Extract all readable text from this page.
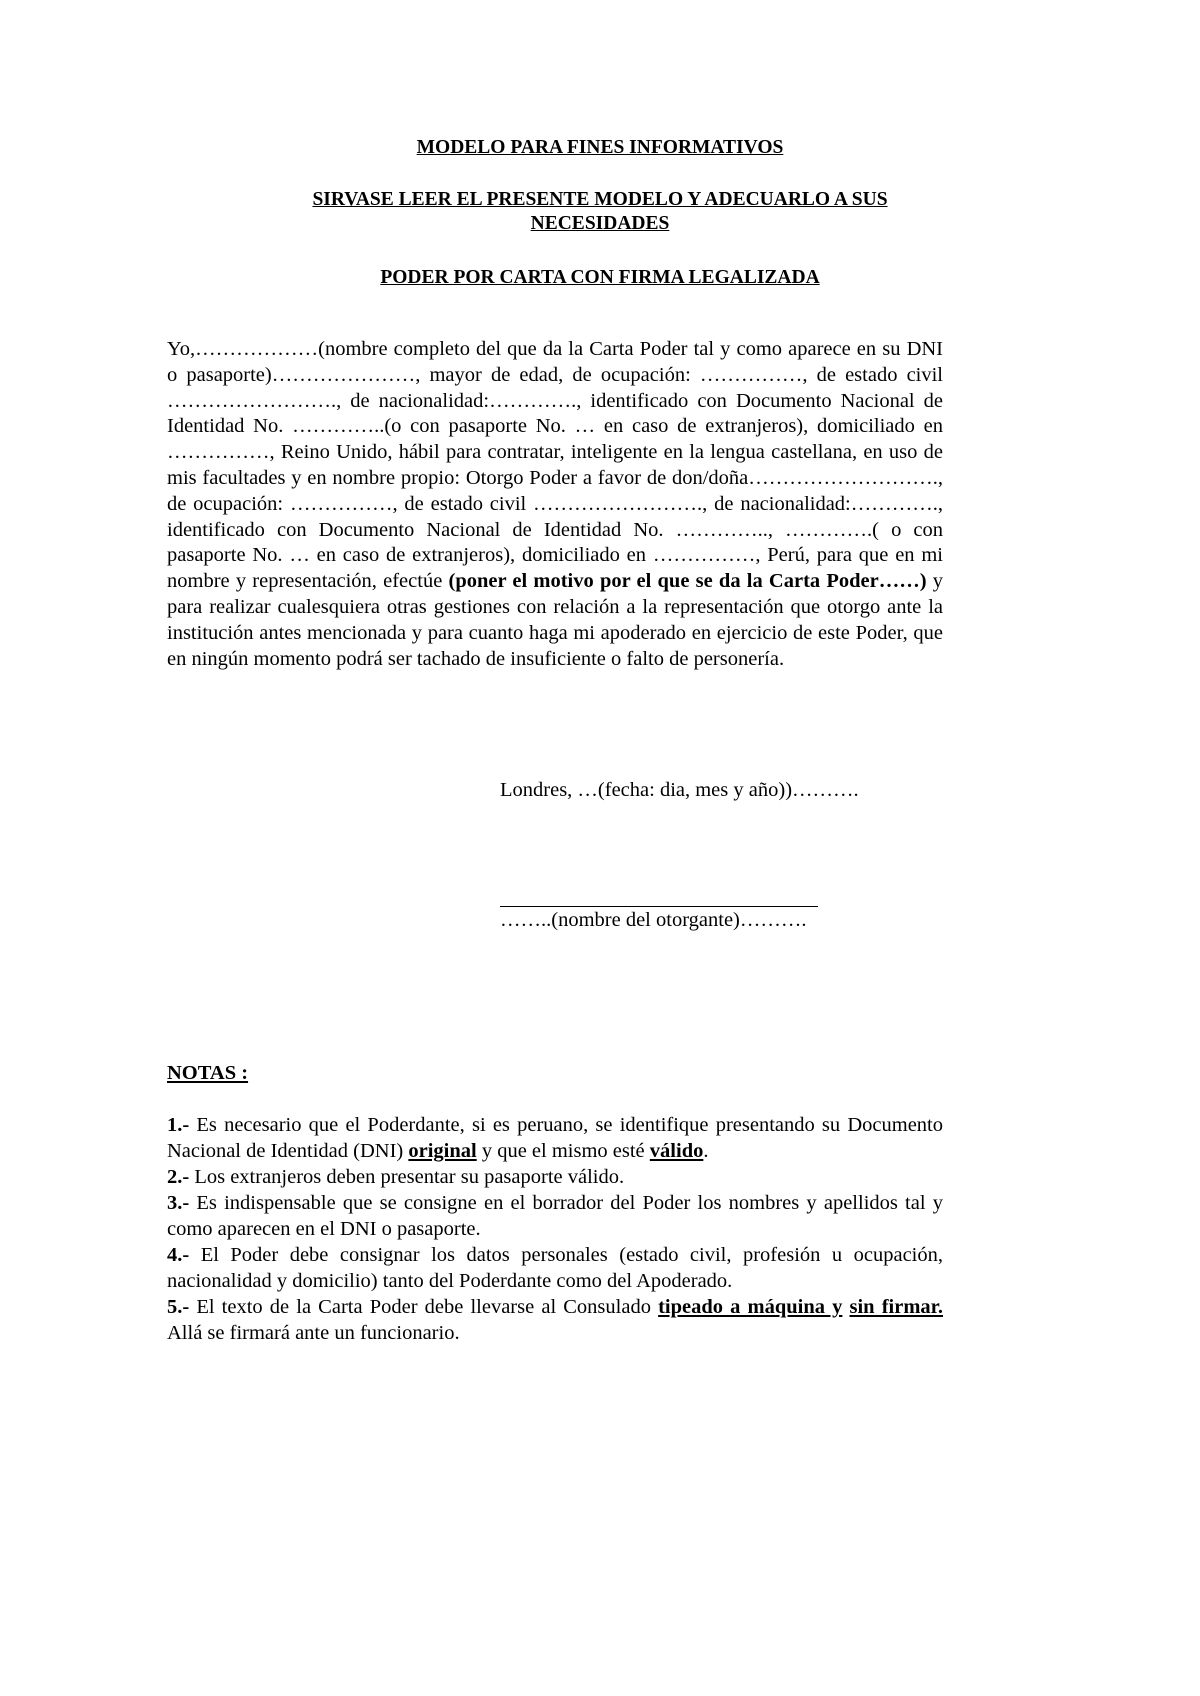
MODELO PARA FINES INFORMATIVOS
SIRVASE LEER EL PRESENTE MODELO Y ADECUARLO A SUS
NECESIDADES
PODER POR CARTA CON FIRMA LEGALIZADA
Yo,………………(nombre completo del que da la Carta Poder tal y como aparece en su DNI o pasaporte)…………………, mayor de edad, de ocupación: ……………, de estado civil ……………………., de nacionalidad:…………., identificado con Documento Nacional de Identidad No. …………..(o con pasaporte No. … en caso de extranjeros), domiciliado en ……………, Reino Unido, hábil para contratar, inteligente en la lengua castellana, en uso de mis facultades y en nombre propio: Otorgo Poder a favor de don/doña………………………., de ocupación: ……………, de estado civil ……………………., de nacionalidad:…………., identificado con Documento Nacional de Identidad No. ………….., ………….( o con pasaporte No. … en caso de extranjeros), domiciliado en ……………, Perú, para que en mi nombre y representación, efectúe (poner el motivo por el que se da la Carta Poder……) y para realizar cualesquiera otras gestiones con relación a la representación que otorgo ante la institución antes mencionada y para cuanto haga mi apoderado en ejercicio de este Poder, que en ningún momento podrá ser tachado de insuficiente o falto de personería.
Londres, …(fecha: dia, mes y año))……….
……..(nombre del otorgante)……….
NOTAS :

1.- Es necesario que el Poderdante, si es peruano, se identifique presentando su Documento Nacional de Identidad (DNI) original y que el mismo esté válido.

2.- Los extranjeros deben presentar su pasaporte válido.

3.- Es indispensable que se consigne en el borrador del Poder los nombres y apellidos tal y como aparecen en el DNI o pasaporte.

4.- El Poder debe consignar los datos personales (estado civil, profesión u ocupación, nacionalidad y domicilio) tanto del Poderdante como del Apoderado.

5.- El texto de la Carta Poder debe llevarse al Consulado tipeado a máquina y sin firmar. Allá se firmará ante un funcionario.
